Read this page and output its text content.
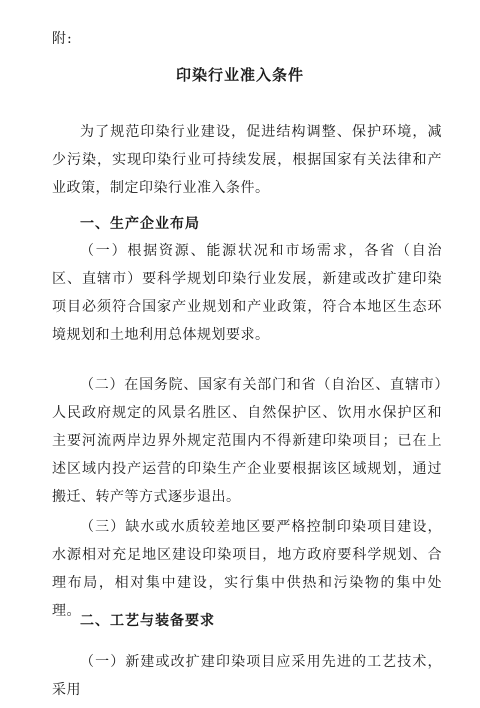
附:
印染行业准入条件

为了规范印染行业建设，促进结构调整、保护环境，减少污染，实现印染行业可持续发展，根据国家有关法律和产业政策，制定印染行业准入条件。

一、生产企业布局

（一）根据资源、能源状况和市场需求，各省（自治区、直辖市）要科学规划印染行业发展，新建或改扩建印染项目必须符合国家产业规划和产业政策，符合本地区生态环境规划和土地利用总体规划要求。

（二）在国务院、国家有关部门和省（自治区、直辖市）人民政府规定的风景名胜区、自然保护区、饮用水保护区和主要河流两岸边界外规定范围内不得新建印染项目；已在上述区域内投产运营的印染生产企业要根据该区域规划，通过搬迁、转产等方式逐步退出。

（三）缺水或水质较差地区要严格控制印染项目建设，水源相对充足地区建设印染项目，地方政府要科学规划、合理布局，相对集中建设，实行集中供热和污染物的集中处理。

二、工艺与装备要求

（一）新建或改扩建印染项目应采用先进的工艺技术，采用
